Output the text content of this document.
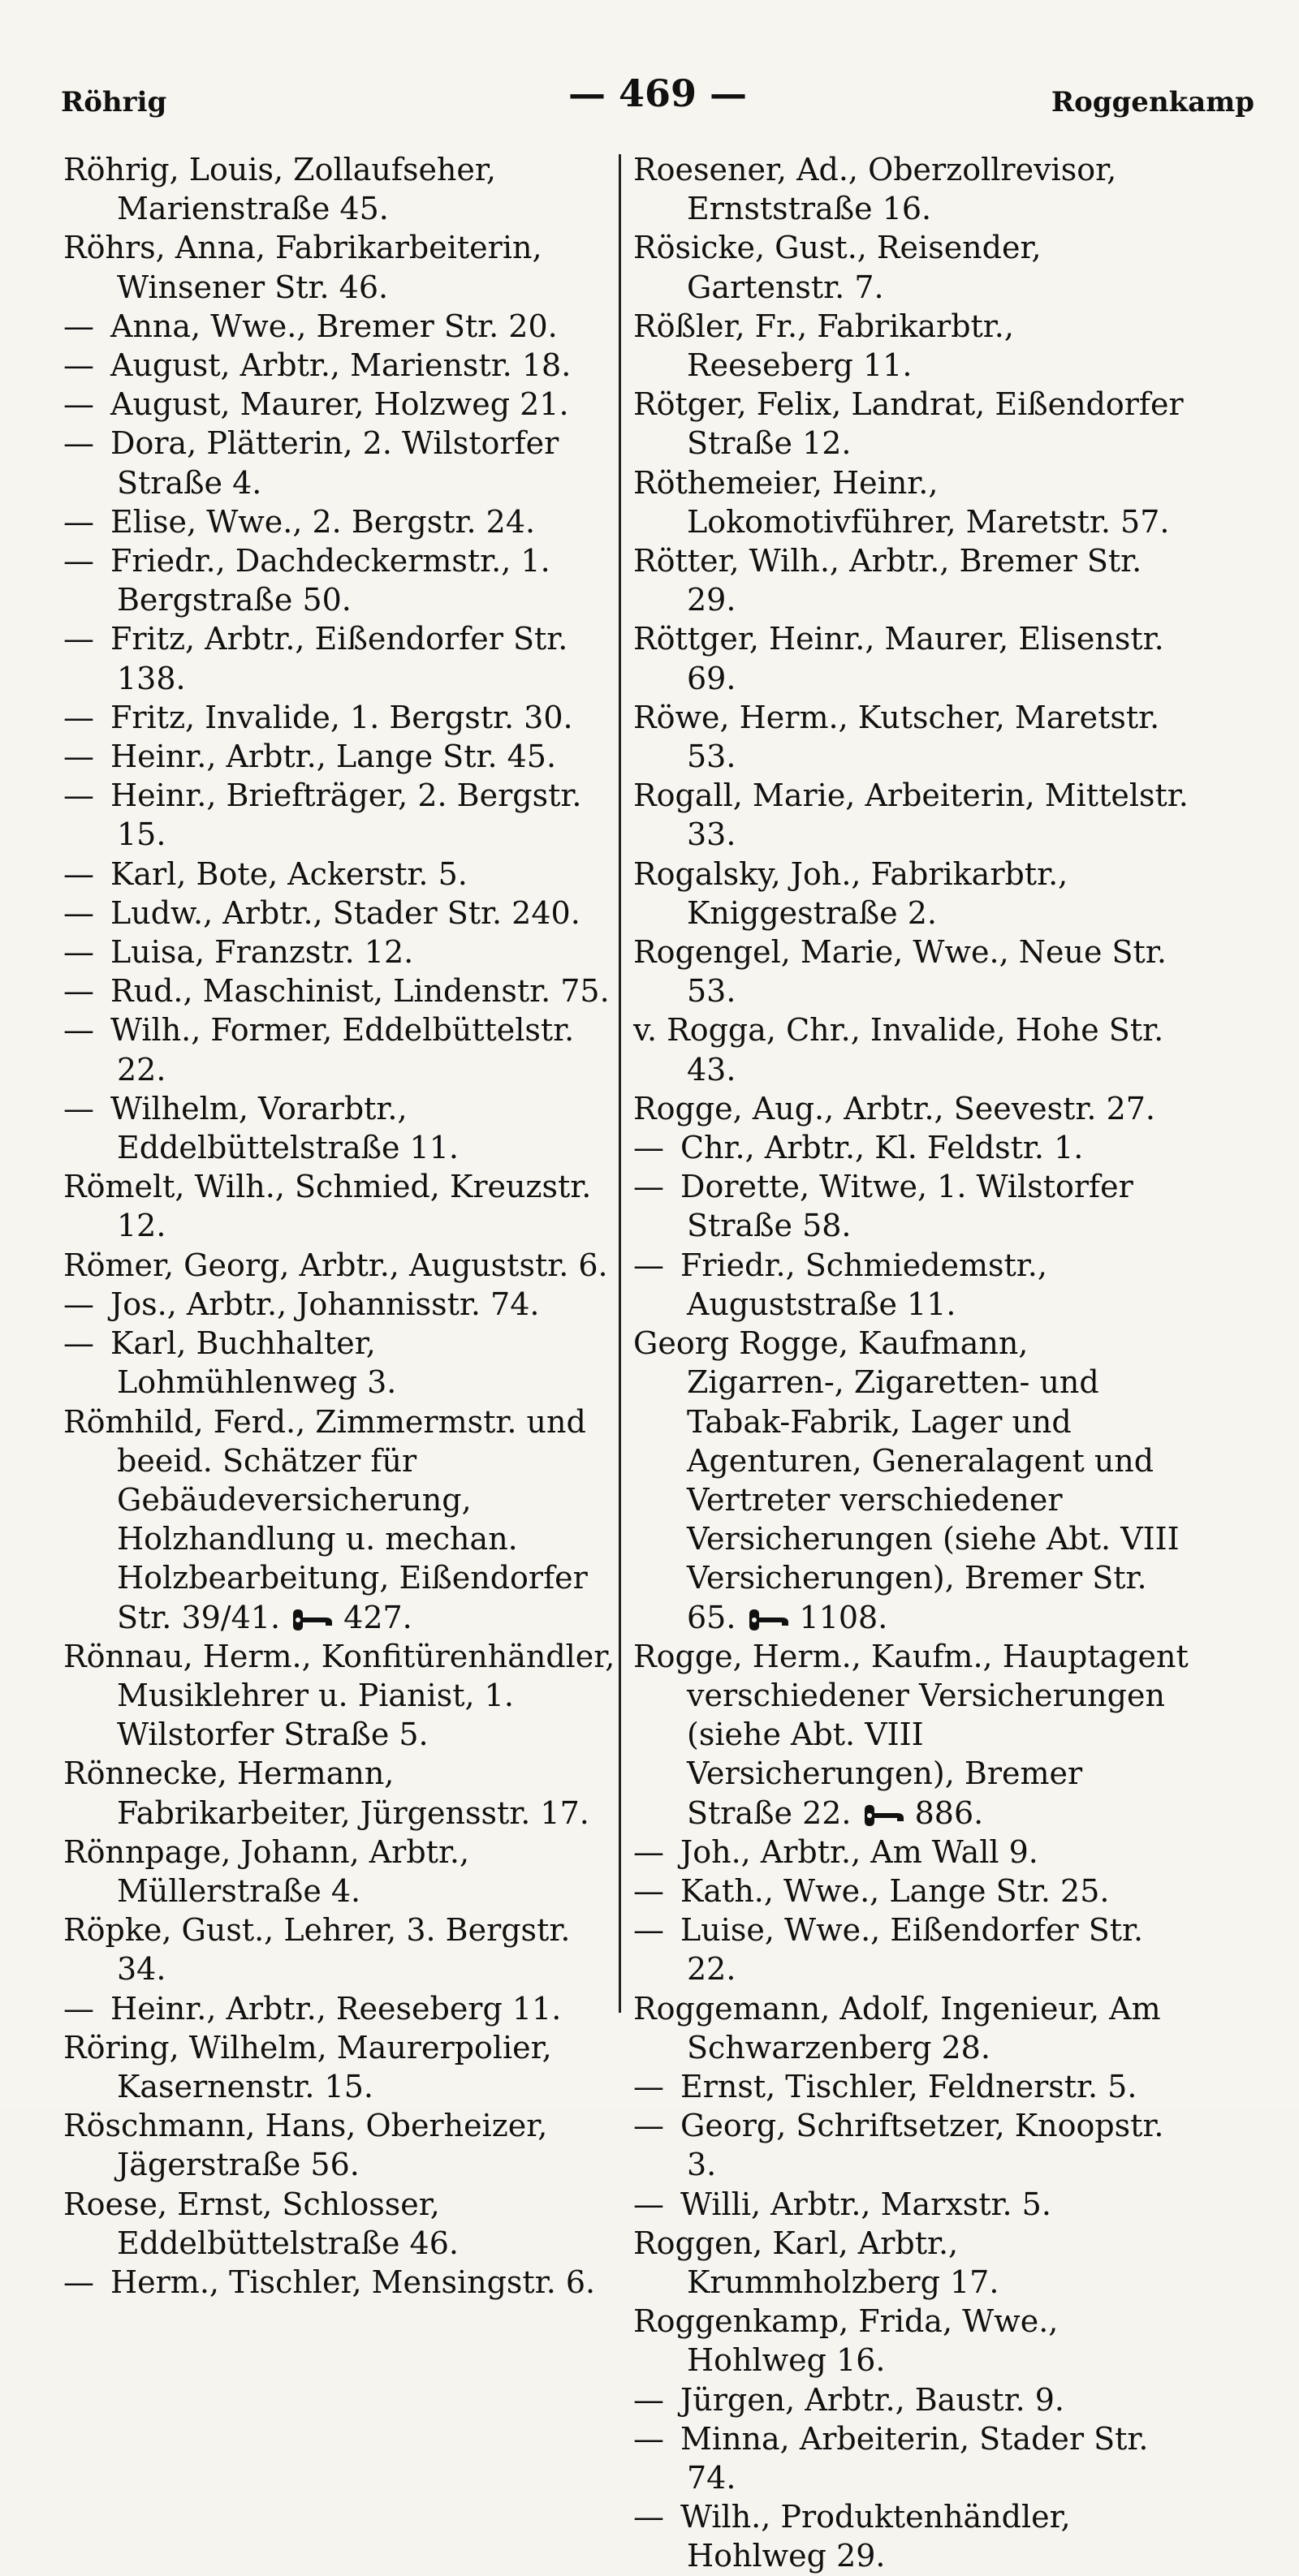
Röhrig	— 469 —	Roggenkamp

Röhrig, Louis, Zollaufseher, Marienstraße 45.

Röhrs, Anna, Fabrikarbeiterin, Winsener Str. 46.

— Anna, Wwe., Bremer Str. 20.

— August, Arbtr., Marienstr. 18.

— August, Maurer, Holzweg 21.

— Dora, Plätterin, 2. Wilstorfer Straße 4.

— Elise, Wwe., 2. Bergstr. 24.

— Friedr., Dachdeckermstr., 1. Bergstraße 50.

— Fritz, Arbtr., Eißendorfer Str. 138.

— Fritz, Invalide, 1. Bergstr. 30.

— Heinr., Arbtr., Lange Str. 45.

— Heinr., Briefträger, 2. Bergstr. 15.

— Karl, Bote, Ackerstr. 5.

— Ludw., Arbtr., Stader Str. 240.

— Luisa, Franzstr. 12.

— Rud., Maschinist, Lindenstr. 75.

— Wilh., Former, Eddelbüttelstr. 22.

— Wilhelm, Vorarbtr., Eddelbüttelstraße 11.

Römelt, Wilh., Schmied, Kreuzstr. 12.

Römer, Georg, Arbtr., Auguststr. 6.

— Jos., Arbtr., Johannisstr. 74.

— Karl, Buchhalter, Lohmühlenweg 3.

Römhild, Ferd., Zimmermstr. und beeid. Schätzer für Gebäudeversicherung, Holzhandlung u. mechan. Holzbearbeitung, Eißendorfer Str. 39/41. 427.

Rönnau, Herm., Konfitürenhändler, Musiklehrer u. Pianist, 1. Wilstorfer Straße 5.

Rönnecke, Hermann, Fabrikarbeiter, Jürgensstr. 17.

Rönnpage, Johann, Arbtr., Müllerstraße 4.

Röpke, Gust., Lehrer, 3. Bergstr. 34.

— Heinr., Arbtr., Reeseberg 11.

Röring, Wilhelm, Maurerpolier, Kasernenstr. 15.

Röschmann, Hans, Oberheizer, Jägerstraße 56.

Roese, Ernst, Schlosser, Eddelbüttelstraße 46.

— Herm., Tischler, Mensingstr. 6.

Roesener, Ad., Oberzollrevisor, Ernststraße 16.

Rösicke, Gust., Reisender, Gartenstr. 7.

Rößler, Fr., Fabrikarbtr., Reeseberg 11.

Rötger, Felix, Landrat, Eißendorfer Straße 12.

Röthemeier, Heinr., Lokomotivführer, Maretstr. 57.

Rötter, Wilh., Arbtr., Bremer Str. 29.

Röttger, Heinr., Maurer, Elisenstr. 69.

Röwe, Herm., Kutscher, Maretstr. 53.

Rogall, Marie, Arbeiterin, Mittelstr. 33.

Rogalsky, Joh., Fabrikarbtr., Kniggestraße 2.

Rogengel, Marie, Wwe., Neue Str. 53.

v. Rogga, Chr., Invalide, Hohe Str. 43.

Rogge, Aug., Arbtr., Seevestr. 27.

— Chr., Arbtr., Kl. Feldstr. 1.

— Dorette, Witwe, 1. Wilstorfer Straße 58.

— Friedr., Schmiedemstr., Auguststraße 11.

Georg Rogge, Kaufmann, Zigarren-, Zigaretten- und Tabak-Fabrik, Lager und Agenturen, Generalagent und Vertreter verschiedener Versicherungen (siehe Abt. VIII Versicherungen), Bremer Str. 65. 1108.

Rogge, Herm., Kaufm., Hauptagent verschiedener Versicherungen (siehe Abt. VIII Versicherungen), Bremer Straße 22. 886.

— Joh., Arbtr., Am Wall 9.

— Kath., Wwe., Lange Str. 25.

— Luise, Wwe., Eißendorfer Str. 22.

Roggemann, Adolf, Ingenieur, Am Schwarzenberg 28.

— Ernst, Tischler, Feldnerstr. 5.

— Georg, Schriftsetzer, Knoopstr. 3.

— Willi, Arbtr., Marxstr. 5.

Roggen, Karl, Arbtr., Krummholzberg 17.

Roggenkamp, Frida, Wwe., Hohlweg 16.

— Jürgen, Arbtr., Baustr. 9.

— Minna, Arbeiterin, Stader Str. 74.

— Wilh., Produktenhändler, Hohlweg 29.
